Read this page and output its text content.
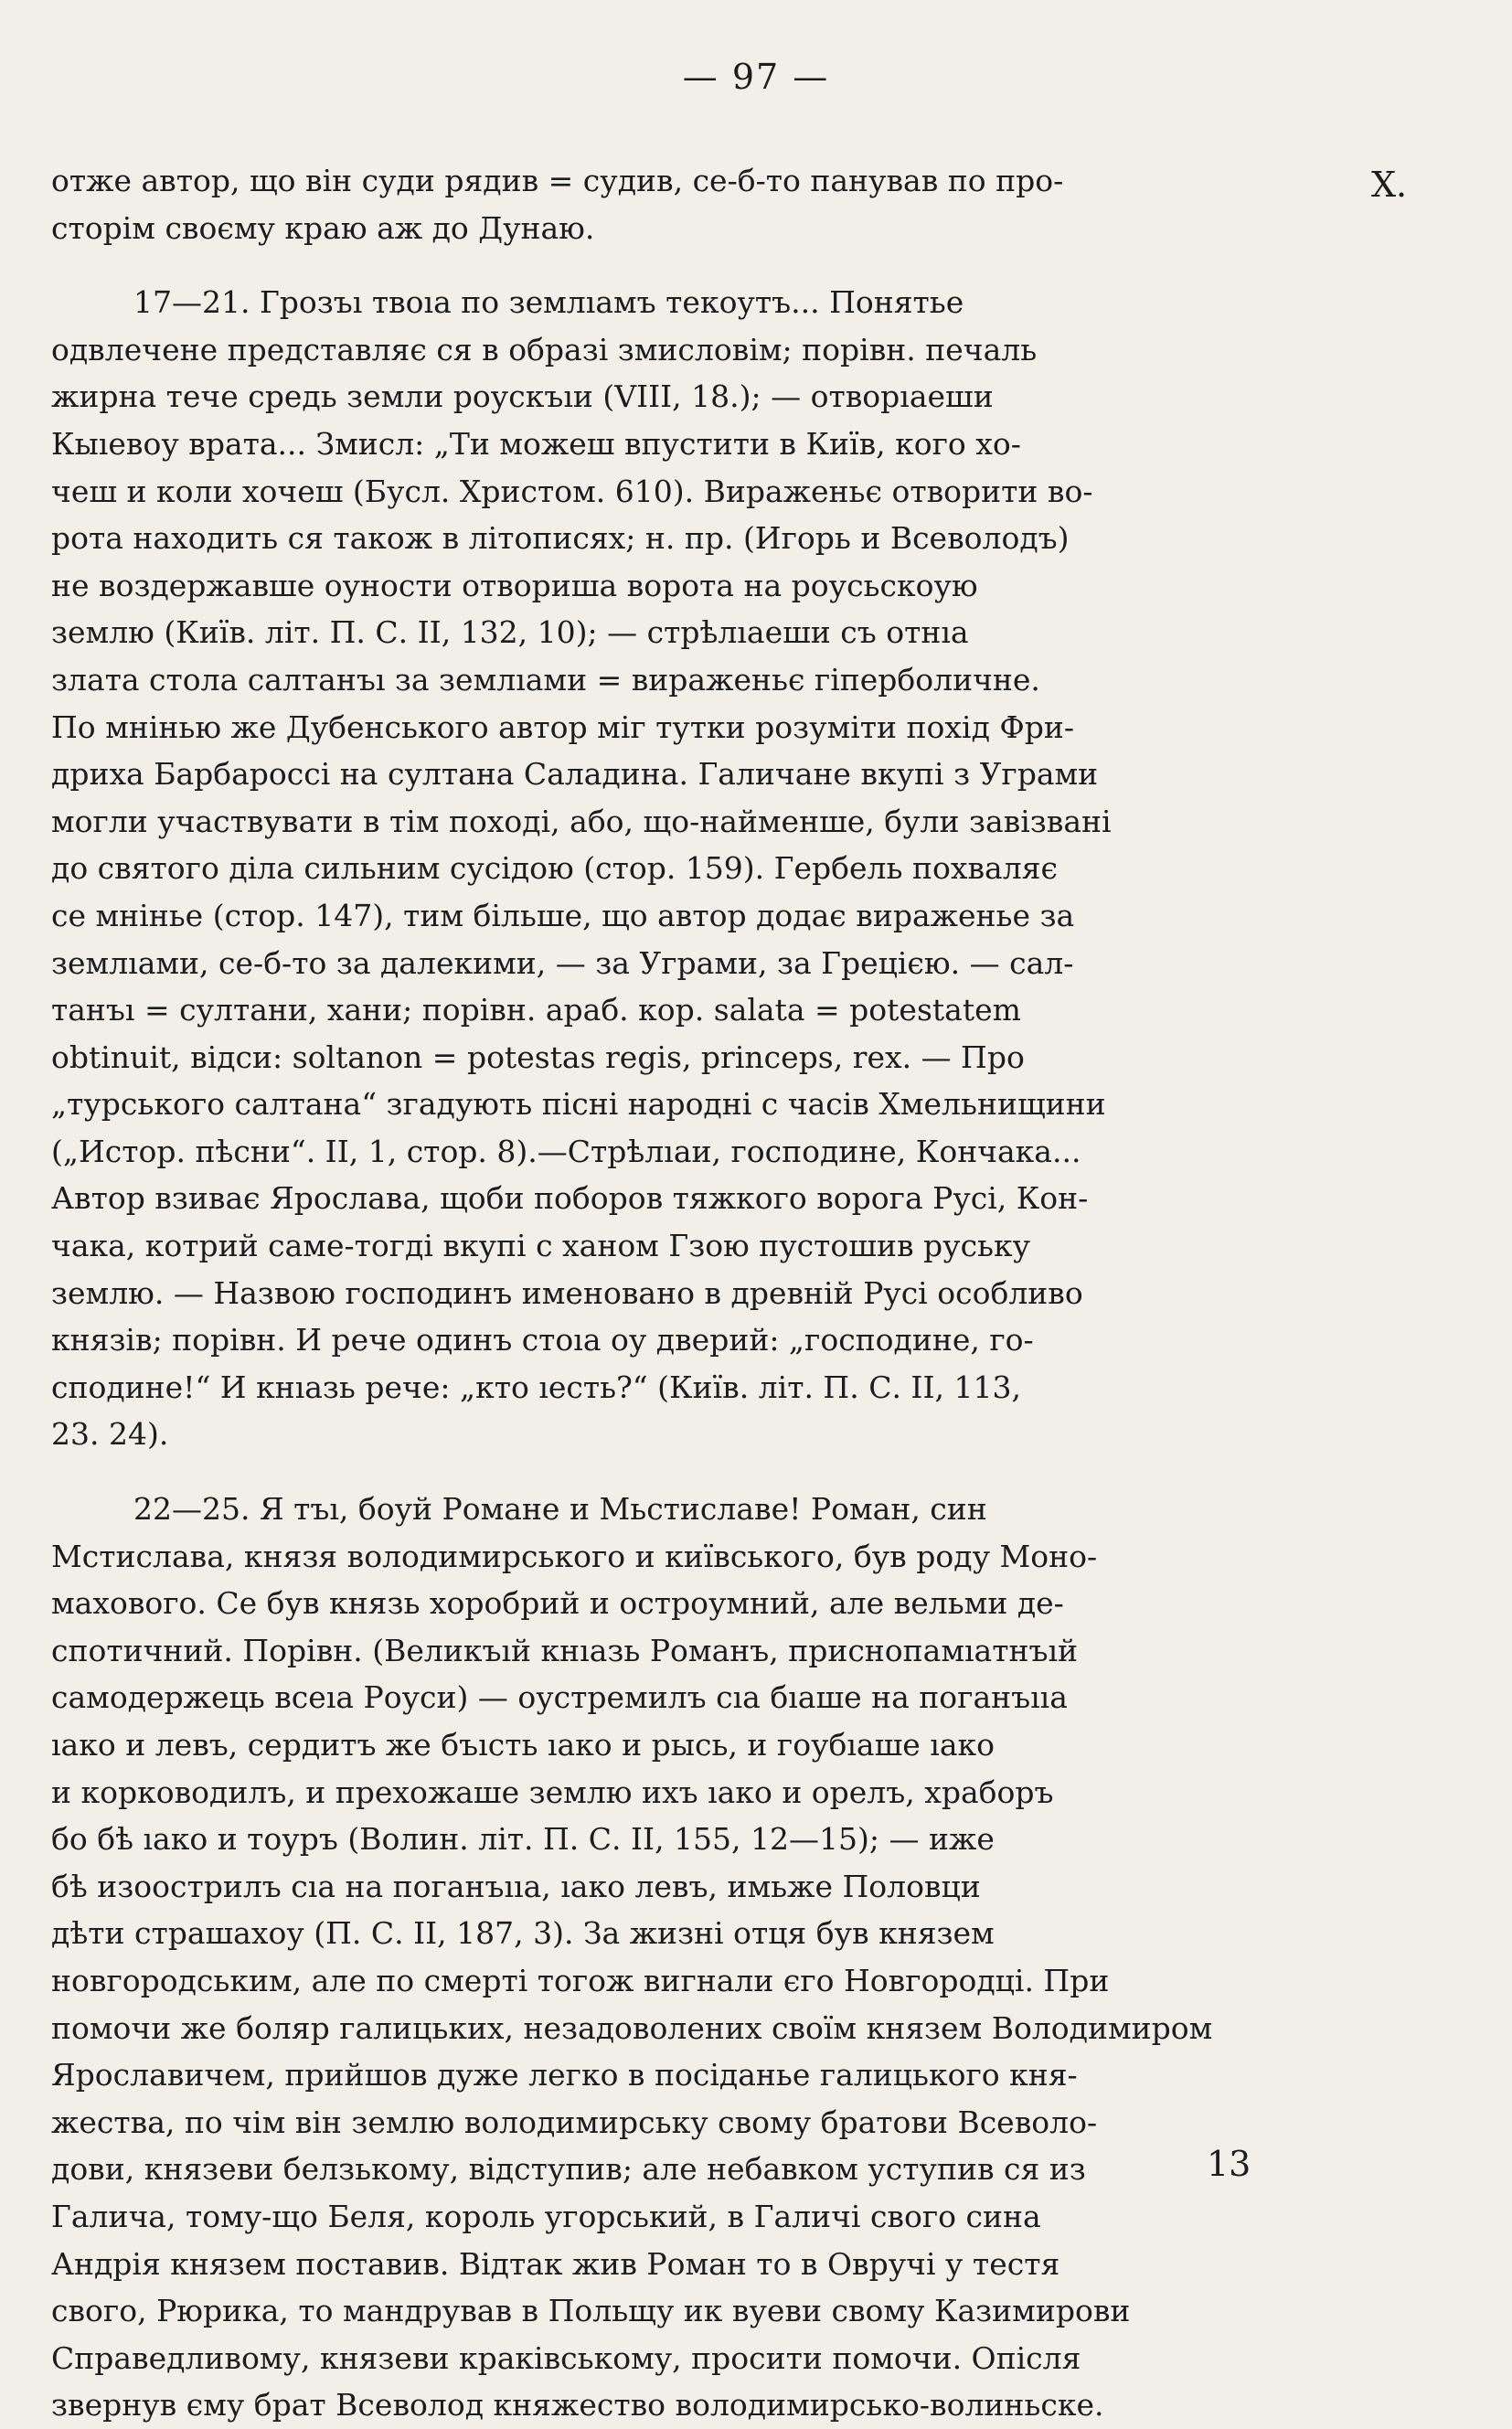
— 97 —
X.

отже автор, що він суди рядив = судив, се-б-то панував по про-
сторім своєму краю аж до Дунаю.

17—21. Грозъı твоıа по землıамъ текоутъ... Понятье
одвлечене представляє ся в образі змисловім; порівн. печаль
жирна тече средь земли роускъıи (VIII, 18.); — отворıаеши
Кыıевоу врата... Змисл: „Ти можеш впустити в Київ, кого хо-
чеш и коли хочеш (Бусл. Христом. 610). Вираженьє отворити во-
рота находить ся також в літописях; н. пр. (Игорь и Всеволодъ)
не воздержавше оуности отвориша ворота на роусьскоую
землю (Київ. літ. П. С. II, 132, 10); — стрѣлıаеши съ отнıа
злата стола салтанъı за землıами = вираженьє гіперболичне.
По мнінью же Дубенського автор міг тутки розуміти похід Фри-
дриха Барбароссі на султана Саладина. Галичане вкупі з Уграми
могли участвувати в тім поході, або, що-найменше, були завізвані
до святого діла сильним сусідою (стор. 159). Гербель похваляє
се мнінье (стор. 147), тим більше, що автор додає вираженье за
землıами, се-б-то за далекими, — за Уграми, за Грецією. — сал-
танъı = султани, хани; порівн. араб. кор. salata = potestatem
obtinuit, відси: soltanon = potestas regis, princeps, rex. — Про
„турського салтана“ згадують пісні народні с часів Хмельнищини
(„Истор. пѣсни“. II, 1, стор. 8).—Стрѣлıаи, господине, Кончака...
Автор взиває Ярослава, щоби поборов тяжкого ворога Русі, Кон-
чака, котрий саме-тогді вкупі с ханом Гзою пустошив руську
землю. — Назвою господинъ именовано в древній Русі особливо
князів; порівн. И рече одинъ стоıа оу дверий: „господине, го-
сподине!“ И кнıазь рече: „кто ıесть?“ (Київ. літ. П. С. II, 113,
23. 24).

22—25. Я тъı, боуй Романе и Мьстиславе! Роман, син
Мстислава, князя володимирського и київського, був роду Моно-
махового. Се був князь хоробрий и остроумний, але вельми де-
спотичний. Порівн. (Великъıй кнıазь Романъ, приснопамıатнъıй
самодержець всеıа Роуси) — оустремилъ сıа бıаше на поганъııа
ıако и левъ, сердитъ же бъıсть ıако и рысь, и гоубıаше ıако
и корководилъ, и прехожаше землю ихъ ıако и орелъ, храборъ
бо бѣ ıако и тоуръ (Волин. літ. П. С. II, 155, 12—15); — иже
бѣ изоострилъ сıа на поганъııа, ıако левъ, имьже Половци
дѣти страшахоу (П. С. II, 187, 3). За жизні отця був князем
новгородським, але по смерті тогож вигнали єго Новгородці. При
помочи же боляр галицьких, незадоволених своїм князем Володимиром
Ярославичем, прийшов дуже легко в посіданье галицького кня-
жества, по чім він землю володимирську свому братови Всеволо-
дови, князеви белзькому, відступив; але небавком уступив ся из
Галича, тому-що Беля, король угорський, в Галичі свого сина
Андрія князем поставив. Відтак жив Роман то в Овручі у тестя
свого, Рюрика, то мандрував в Польщу ик вуеви свому Казимирови
Справедливому, князеви краківському, просити помочи. Опісля
звернув єму брат Всеволод княжество володимирсько-волиньске.

13
